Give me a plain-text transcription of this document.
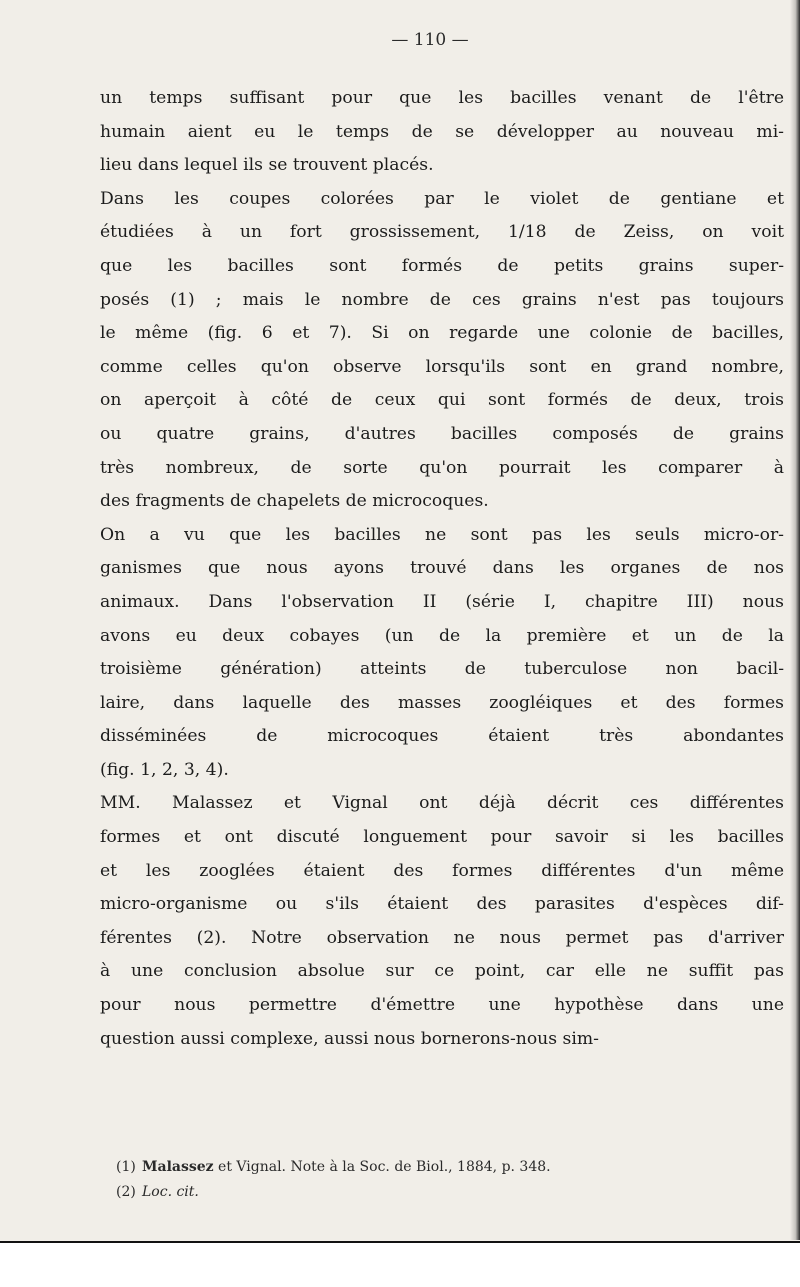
— 110 —
un temps suffisant pour que les bacilles venant de l'être
humain aient eu le temps de se développer au nouveau mi-
lieu dans lequel ils se trouvent placés.
Dans les coupes colorées par le violet de gentiane et
étudiées à un fort grossissement, 1/18 de Zeiss, on voit
que les bacilles sont formés de petits grains super-
posés (1) ; mais le nombre de ces grains n'est pas toujours
le même (fig. 6 et 7). Si on regarde une colonie de bacilles,
comme celles qu'on observe lorsqu'ils sont en grand nombre,
on aperçoit à côté de ceux qui sont formés de deux, trois
ou quatre grains, d'autres bacilles composés de grains
très nombreux, de sorte qu'on pourrait les comparer à
des fragments de chapelets de microcoques.
On a vu que les bacilles ne sont pas les seuls micro-or-
ganismes que nous ayons trouvé dans les organes de nos
animaux. Dans l'observation II (série I, chapitre III) nous
avons eu deux cobayes (un de la première et un de la
troisième génération) atteints de tuberculose non bacil-
laire, dans laquelle des masses zoogléiques et des formes
disséminées de microcoques étaient très abondantes
(fig. 1, 2, 3, 4).
MM. Malassez et Vignal ont déjà décrit ces différentes
formes et ont discuté longuement pour savoir si les bacilles
et les zooglées étaient des formes différentes d'un même
micro-organisme ou s'ils étaient des parasites d'espèces dif-
férentes (2). Notre observation ne nous permet pas d'arriver
à une conclusion absolue sur ce point, car elle ne suffit pas
pour nous permettre d'émettre une hypothèse dans une
question aussi complexe, aussi nous bornerons-nous sim-
(1) Malassez et Vignal. Note à la Soc. de Biol., 1884, p. 348.
(2) Loc. cit.
